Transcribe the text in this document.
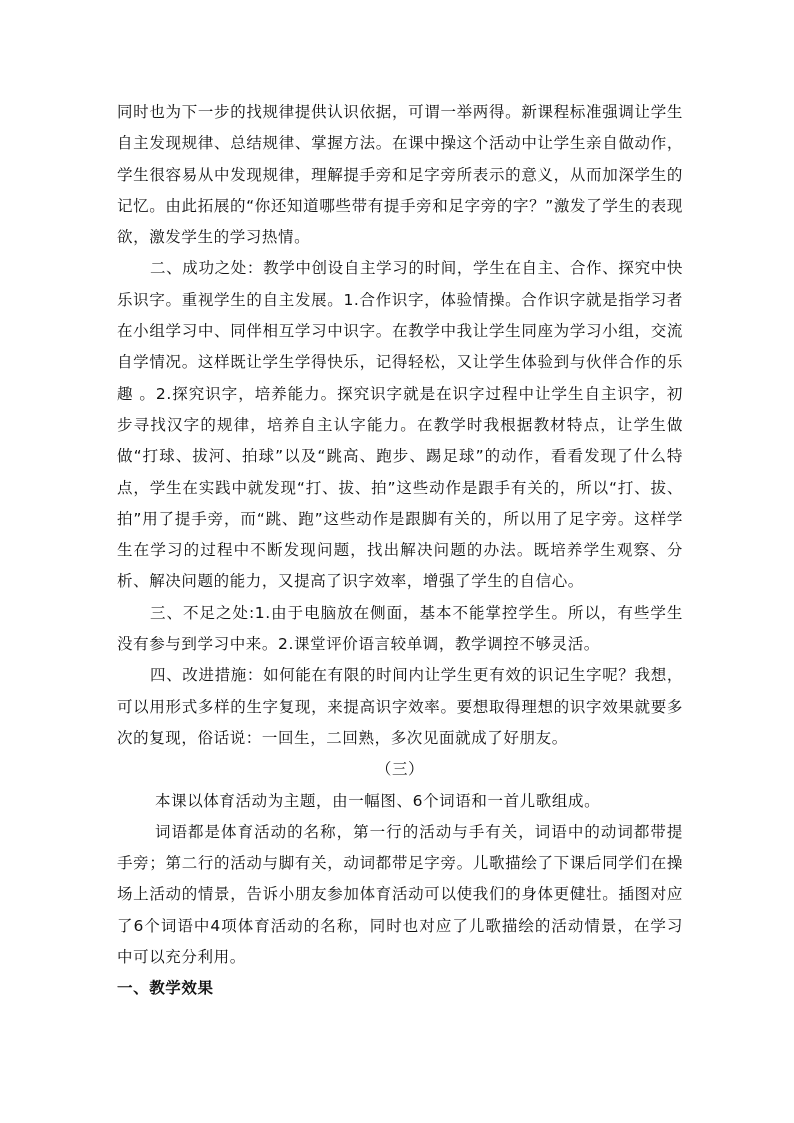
同时也为下一步的找规律提供认识依据，可谓一举两得。新课程标准强调让学生自主发现规律、总结规律、掌握方法。在课中操这个活动中让学生亲自做动作，学生很容易从中发现规律，理解提手旁和足字旁所表示的意义，从而加深学生的记忆。由此拓展的“你还知道哪些带有提手旁和足字旁的字？”激发了学生的表现欲，激发学生的学习热情。

二、成功之处：教学中创设自主学习的时间，学生在自主、合作、探究中快乐识字。重视学生的自主发展。1.合作识字，体验情操。合作识字就是指学习者在小组学习中、同伴相互学习中识字。在教学中我让学生同座为学习小组，交流自学情况。这样既让学生学得快乐，记得轻松，又让学生体验到与伙伴合作的乐趣 。2.探究识字，培养能力。探究识字就是在识字过程中让学生自主识字，初步寻找汉字的规律，培养自主认字能力。在教学时我根据教材特点，让学生做做“打球、拔河、拍球”以及“跳高、跑步、踢足球”的动作，看看发现了什么特点，学生在实践中就发现“打、拔、拍”这些动作是跟手有关的，所以“打、拔、拍”用了提手旁，而“跳、跑”这些动作是跟脚有关的，所以用了足字旁。这样学生在学习的过程中不断发现问题，找出解决问题的办法。既培养学生观察、分析、解决问题的能力，又提高了识字效率，增强了学生的自信心。

三、不足之处:1.由于电脑放在侧面，基本不能掌控学生。所以，有些学生没有参与到学习中来。2.课堂评价语言较单调，教学调控不够灵活。

四、改进措施：如何能在有限的时间内让学生更有效的识记生字呢？我想，可以用形式多样的生字复现，来提高识字效率。要想取得理想的识字效果就要多次的复现，俗话说：一回生，二回熟，多次见面就成了好朋友。

（三）

本课以体育活动为主题，由一幅图、6个词语和一首儿歌组成。

词语都是体育活动的名称，第一行的活动与手有关，词语中的动词都带提手旁；第二行的活动与脚有关，动词都带足字旁。儿歌描绘了下课后同学们在操场上活动的情景，告诉小朋友参加体育活动可以使我们的身体更健壮。插图对应了6个词语中4项体育活动的名称，同时也对应了儿歌描绘的活动情景，在学习中可以充分利用。

一、教学效果
